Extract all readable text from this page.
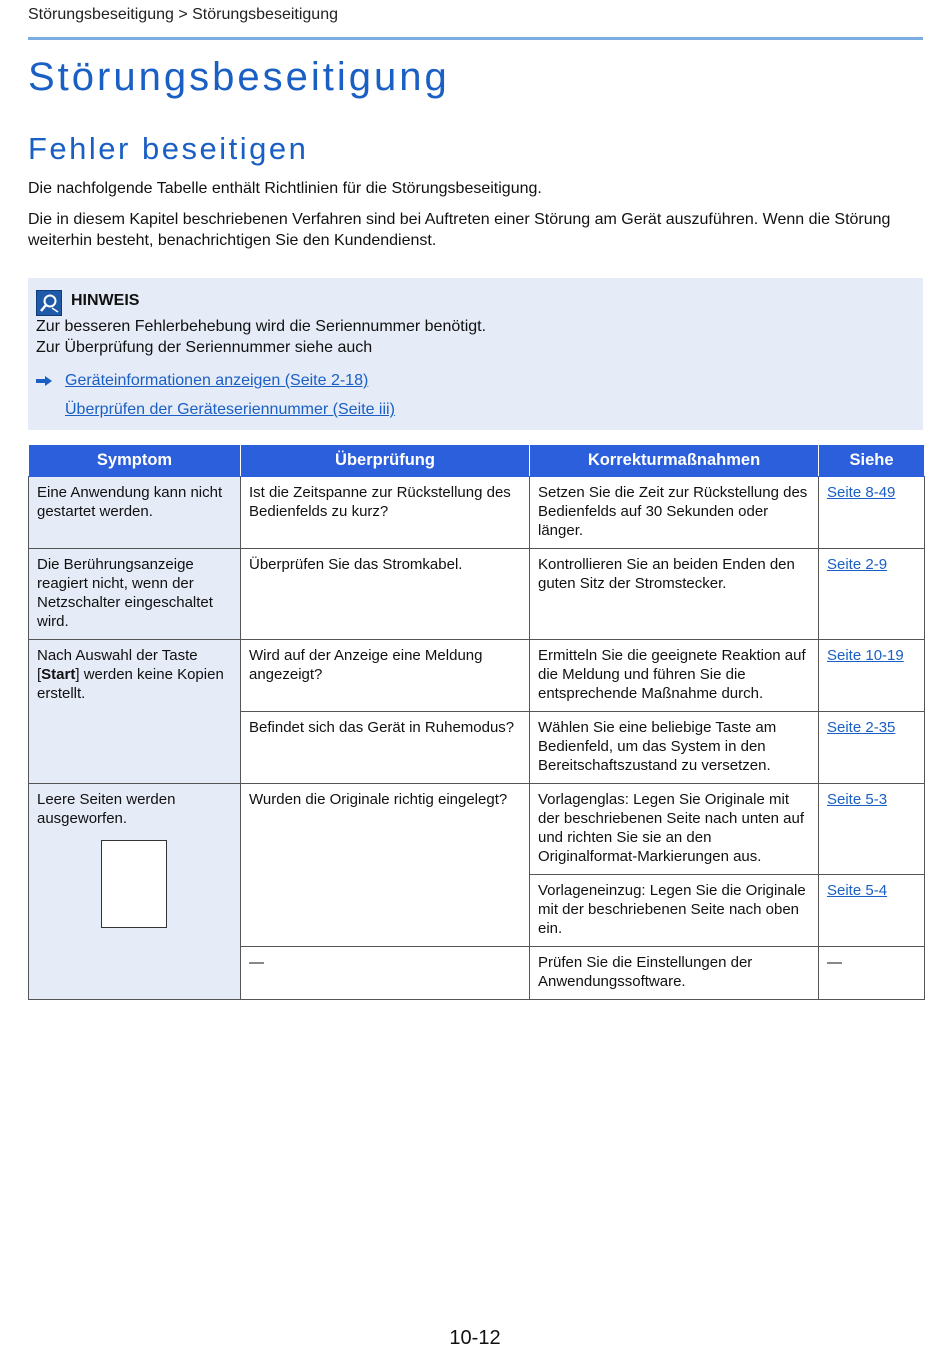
Störungsbeseitigung > Störungsbeseitigung
Störungsbeseitigung
Fehler beseitigen
Die nachfolgende Tabelle enthält Richtlinien für die Störungsbeseitigung.
Die in diesem Kapitel beschriebenen Verfahren sind bei Auftreten einer Störung am Gerät auszuführen. Wenn die Störung weiterhin besteht, benachrichtigen Sie den Kundendienst.
HINWEIS
Zur besseren Fehlerbehebung wird die Seriennummer benötigt.
Zur Überprüfung der Seriennummer siehe auch
Geräteinformationen anzeigen (Seite 2-18)
Überprüfen der Geräteseriennummer (Seite iii)
Symptom	Überprüfung	Korrekturmaßnahmen	Siehe
Eine Anwendung kann nicht gestartet werden.	Ist die Zeitspanne zur Rückstellung des Bedienfelds zu kurz?	Setzen Sie die Zeit zur Rückstellung des Bedienfelds auf 30 Sekunden oder länger.	Seite 8-49
Die Berührungsanzeige reagiert nicht, wenn der Netzschalter eingeschaltet wird.	Überprüfen Sie das Stromkabel.	Kontrollieren Sie an beiden Enden den guten Sitz der Stromstecker.	Seite 2-9
Nach Auswahl der Taste [Start] werden keine Kopien erstellt.	Wird auf der Anzeige eine Meldung angezeigt?	Ermitteln Sie die geeignete Reaktion auf die Meldung und führen Sie die entsprechende Maßnahme durch.	Seite 10-19
	Befindet sich das Gerät in Ruhemodus?	Wählen Sie eine beliebige Taste am Bedienfeld, um das System in den Bereitschaftszustand zu versetzen.	Seite 2-35

Leere Seiten werden ausgeworfen.	Wurden die Originale richtig eingelegt?	Vorlagenglas: Legen Sie Originale mit der beschriebenen Seite nach unten auf und richten Sie sie an den Originalformat-Markierungen aus.	Seite 5-3
		Vorlageneinzug: Legen Sie die Originale mit der beschriebenen Seite nach oben ein.	Seite 5-4
	—	Prüfen Sie die Einstellungen der Anwendungssoftware.	—
10-12
